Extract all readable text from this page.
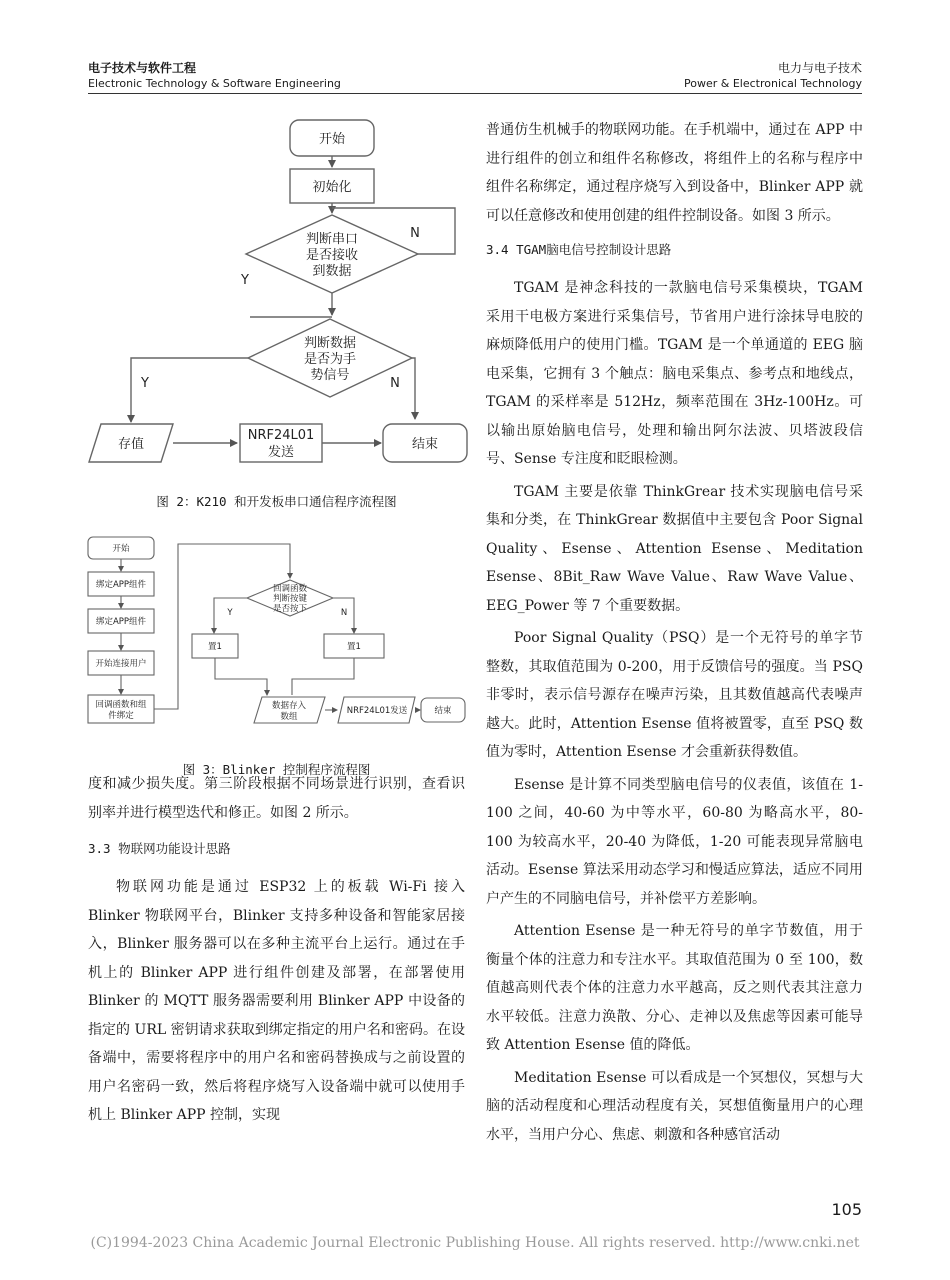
电子技术与软件工程
Electronic Technology & Software Engineering
电力与电子技术
Power & Electronical Technology
开始
初始化
判断串口
是否接收
到数据
判断数据
是否为手
势信号
存值
NRF24L01
发送
结束
N
Y
Y	N
图 2：K210 和开发板串口通信程序流程图
开始
绑定APP组件
绑定APP组件
开始连接用户
回调函数和组
件绑定
回调函数
判断按键
是否按下
Y	N
置1	置1
数据存入
数组
NRF24L01发送	结束
图 3：Blinker 控制程序流程图

度和减少损失度。第三阶段根据不同场景进行识别，查看识别率并进行模型迭代和修正。如图 2 所示。

3.3 物联网功能设计思路

物联网功能是通过 ESP32 上的板载 Wi-Fi 接入 Blinker 物联网平台，Blinker 支持多种设备和智能家居接入，Blinker 服务器可以在多种主流平台上运行。通过在手机上的 Blinker APP 进行组件创建及部署，在部署使用 Blinker 的 MQTT 服务器需要利用 Blinker APP 中设备的指定的 URL 密钥请求获取到绑定指定的用户名和密码。在设备端中，需要将程序中的用户名和密码替换成与之前设置的用户名密码一致，然后将程序烧写入设备端中就可以使用手机上 Blinker APP 控制，实现

普通仿生机械手的物联网功能。在手机端中，通过在 APP 中进行组件的创立和组件名称修改，将组件上的名称与程序中组件名称绑定，通过程序烧写入到设备中，Blinker APP 就可以任意修改和使用创建的组件控制设备。如图 3 所示。

3.4 TGAM脑电信号控制设计思路

TGAM 是神念科技的一款脑电信号采集模块，TGAM 采用干电极方案进行采集信号，节省用户进行涂抹导电胶的麻烦降低用户的使用门槛。TGAM 是一个单通道的 EEG 脑电采集，它拥有 3 个触点：脑电采集点、参考点和地线点，TGAM 的采样率是 512Hz，频率范围在 3Hz-100Hz。可以输出原始脑电信号，处理和输出阿尔法波、贝塔波段信号、Sense 专注度和眨眼检测。

TGAM 主要是依靠 ThinkGrear 技术实现脑电信号采集和分类，在 ThinkGrear 数据值中主要包含 Poor Signal Quality、Esense、Attention Esense、Meditation Esense、8Bit_Raw Wave Value、Raw Wave Value、EEG_Power 等 7 个重要数据。

Poor Signal Quality（PSQ）是一个无符号的单字节整数，其取值范围为 0-200，用于反馈信号的强度。当 PSQ 非零时，表示信号源存在噪声污染，且其数值越高代表噪声越大。此时，Attention Esense 值将被置零，直至 PSQ 数值为零时，Attention Esense 才会重新获得数值。

Esense 是计算不同类型脑电信号的仪表值，该值在 1-100 之间，40-60 为中等水平，60-80 为略高水平，80-100 为较高水平，20-40 为降低，1-20 可能表现异常脑电活动。Esense 算法采用动态学习和慢适应算法，适应不同用户产生的不同脑电信号，并补偿平方差影响。

Attention Esense 是一种无符号的单字节数值，用于衡量个体的注意力和专注水平。其取值范围为 0 至 100，数值越高则代表个体的注意力水平越高，反之则代表其注意力水平较低。注意力涣散、分心、走神以及焦虑等因素可能导致 Attention Esense 值的降低。

Meditation Esense 可以看成是一个冥想仪，冥想与大脑的活动程度和心理活动程度有关，冥想值衡量用户的心理水平，当用户分心、焦虑、刺激和各种感官活动

105
(C)1994-2023 China Academic Journal Electronic Publishing House. All rights reserved. http://www.cnki.net
